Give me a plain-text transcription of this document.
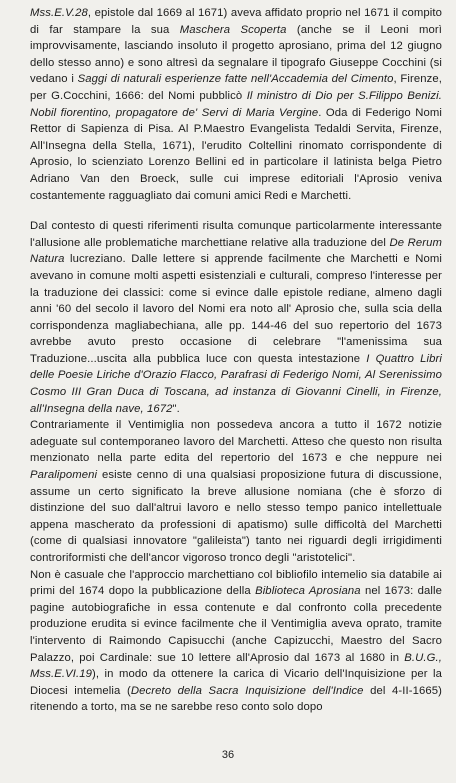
Mss.E.V.28, epistole dal 1669 al 1671) aveva affidato proprio nel 1671 il compito di far stampare la sua Maschera Scoperta (anche se il Leoni morì improvvisamente, lasciando insoluto il progetto aprosiano, prima del 12 giugno dello stesso anno) e sono altresì da segnalare il tipografo Giuseppe Cocchini (si vedano i Saggi di naturali esperienze fatte nell'Accademia del Cimento, Firenze, per G.Cocchini, 1666: del Nomi pubblicò Il ministro di Dio per S.Filippo Benizi. Nobil fiorentino, propagatore de' Servi di Maria Vergine. Oda di Federigo Nomi Rettor di Sapienza di Pisa. Al P.Maestro Evangelista Tedaldi Servita, Firenze, All'Insegna della Stella, 1671), l'erudito Coltellini rinomato corrispondente di Aprosio, lo scienziato Lorenzo Bellini ed in particolare il latinista belga Pietro Adriano Van den Broeck, sulle cui imprese editoriali l'Aprosio veniva costantemente ragguagliato dai comuni amici Redi e Marchetti.

Dal contesto di questi riferimenti risulta comunque particolarmente interessante l'allusione alle problematiche marchettiane relative alla traduzione del De Rerum Natura lucreziano. Dalle lettere si apprende facilmente che Marchetti e Nomi avevano in comune molti aspetti esistenziali e culturali, compreso l'interesse per la traduzione dei classici: come si evince dalle epistole rediane, almeno dagli anni '60 del secolo il lavoro del Nomi era noto all' Aprosio che, sulla scia della corrispondenza magliabechiana, alle pp. 144-46 del suo repertorio del 1673 avrebbe avuto presto occasione di celebrare "l'amenissima sua Traduzione...uscita alla pubblica luce con questa intestazione I Quattro Libri delle Poesie Liriche d'Orazio Flacco, Parafrasi di Federigo Nomi, Al Serenissimo Cosmo III Gran Duca di Toscana, ad instanza di Giovanni Cinelli, in Firenze, all'Insegna della nave, 1672".

Contrariamente il Ventimiglia non possedeva ancora a tutto il 1672 notizie adeguate sul contemporaneo lavoro del Marchetti. Atteso che questo non risulta menzionato nella parte edita del repertorio del 1673 e che neppure nei Paralipomeni esiste cenno di una qualsiasi proposizione futura di discussione, assume un certo significato la breve allusione nomiana (che è sforzo di distinzione del suo dall'altrui lavoro e nello stesso tempo panico intellettuale appena mascherato da professioni di apatismo) sulle difficoltà del Marchetti (come di qualsiasi innovatore "galileista") tanto nei riguardi degli irrigidimenti controriformisti che dell'ancor vigoroso tronco degli "aristotelici".

Non è casuale che l'approccio marchettiano col bibliofilo intemelio sia databile ai primi del 1674 dopo la pubblicazione della Biblioteca Aprosiana nel 1673: dalle pagine autobiografiche in essa contenute e dal confronto colla precedente produzione erudita si evince facilmente che il Ventimiglia aveva oprato, tramite l'intervento di Raimondo Capisucchi (anche Capizucchi, Maestro del Sacro Palazzo, poi Cardinale: sue 10 lettere all'Aprosio dal 1673 al 1680 in B.U.G., Mss.E.VI.19), in modo da ottenere la carica di Vicario dell'Inquisizione per la Diocesi intemelia (Decreto della Sacra Inquisizione dell'Indice del 4-II-1665) ritenendo a torto, ma se ne sarebbe reso conto solo dopo

36
